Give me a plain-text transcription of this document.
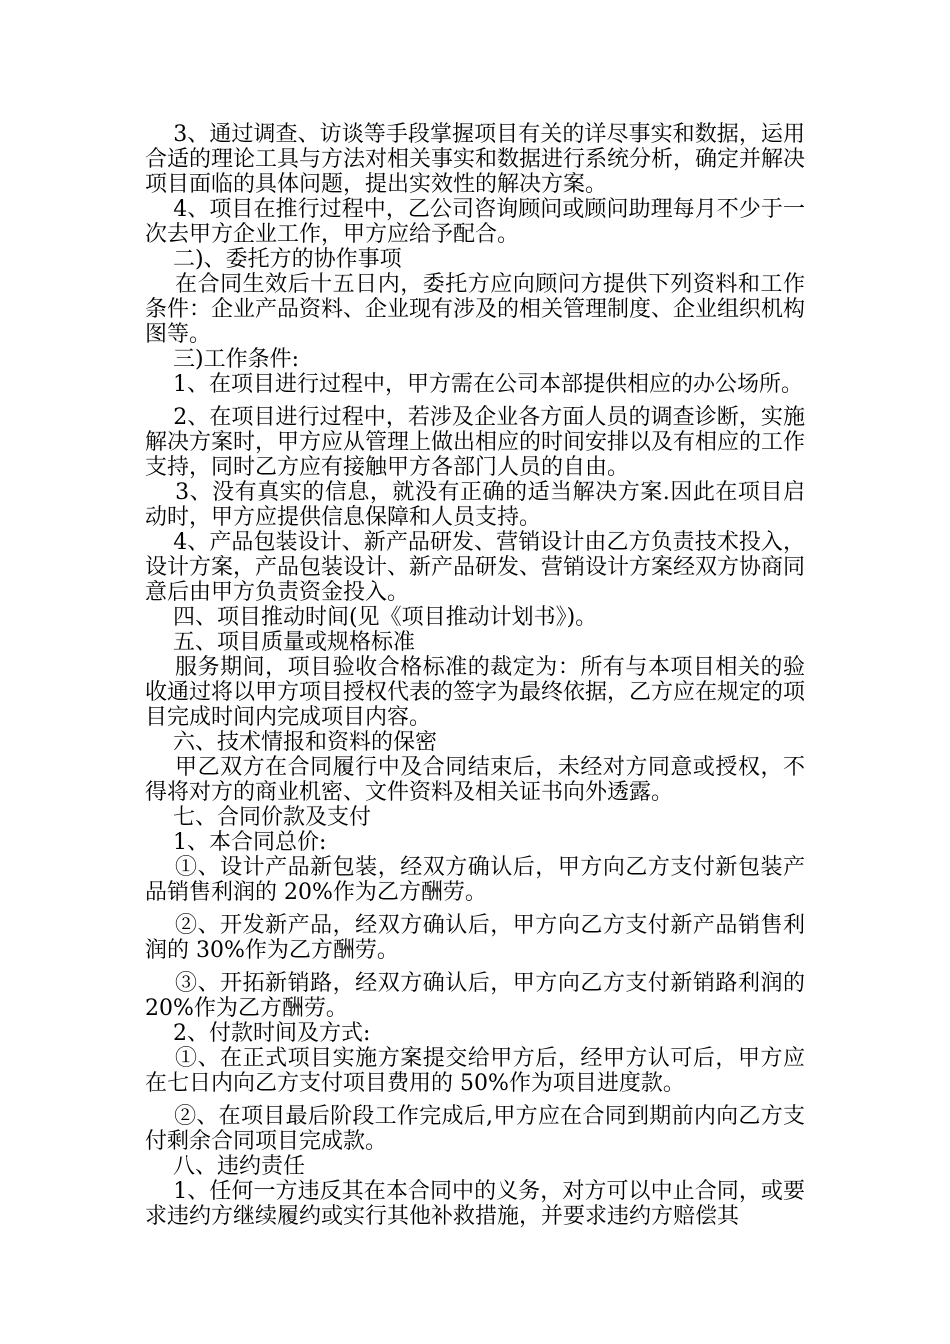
3、通过调查、访谈等手段掌握项目有关的详尽事实和数据，运用合适的理论工具与方法对相关事实和数据进行系统分析，确定并解决项目面临的具体问题，提出实效性的解决方案。

4、项目在推行过程中，乙公司咨询顾问或顾问助理每月不少于一次去甲方企业工作，甲方应给予配合。

二)、委托方的协作事项

在合同生效后十五日内，委托方应向顾问方提供下列资料和工作条件：企业产品资料、企业现有涉及的相关管理制度、企业组织机构图等。

三)工作条件:

1、在项目进行过程中，甲方需在公司本部提供相应的办公场所。

2、在项目进行过程中，若涉及企业各方面人员的调查诊断，实施解决方案时，甲方应从管理上做出相应的时间安排以及有相应的工作支持，同时乙方应有接触甲方各部门人员的自由。

3、没有真实的信息，就没有正确的适当解决方案.因此在项目启动时，甲方应提供信息保障和人员支持。

4、产品包装设计、新产品研发、营销设计由乙方负责技术投入，设计方案，产品包装设计、新产品研发、营销设计方案经双方协商同意后由甲方负责资金投入。

四、项目推动时间(见《项目推动计划书》)。

五、项目质量或规格标准

服务期间，项目验收合格标准的裁定为：所有与本项目相关的验收通过将以甲方项目授权代表的签字为最终依据，乙方应在规定的项目完成时间内完成项目内容。

六、技术情报和资料的保密

甲乙双方在合同履行中及合同结束后，未经对方同意或授权，不得将对方的商业机密、文件资料及相关证书向外透露。

七、合同价款及支付

1、本合同总价:

①、设计产品新包装，经双方确认后，甲方向乙方支付新包装产品销售利润的 20%作为乙方酬劳。

②、开发新产品，经双方确认后，甲方向乙方支付新产品销售利润的 30%作为乙方酬劳。

③、开拓新销路，经双方确认后，甲方向乙方支付新销路利润的 20%作为乙方酬劳。

2、付款时间及方式:

①、在正式项目实施方案提交给甲方后，经甲方认可后，甲方应在七日内向乙方支付项目费用的 50%作为项目进度款。

②、在项目最后阶段工作完成后,甲方应在合同到期前内向乙方支付剩余合同项目完成款。

八、违约责任

1、任何一方违反其在本合同中的义务，对方可以中止合同，或要求违约方继续履约或实行其他补救措施，并要求违约方赔偿其
